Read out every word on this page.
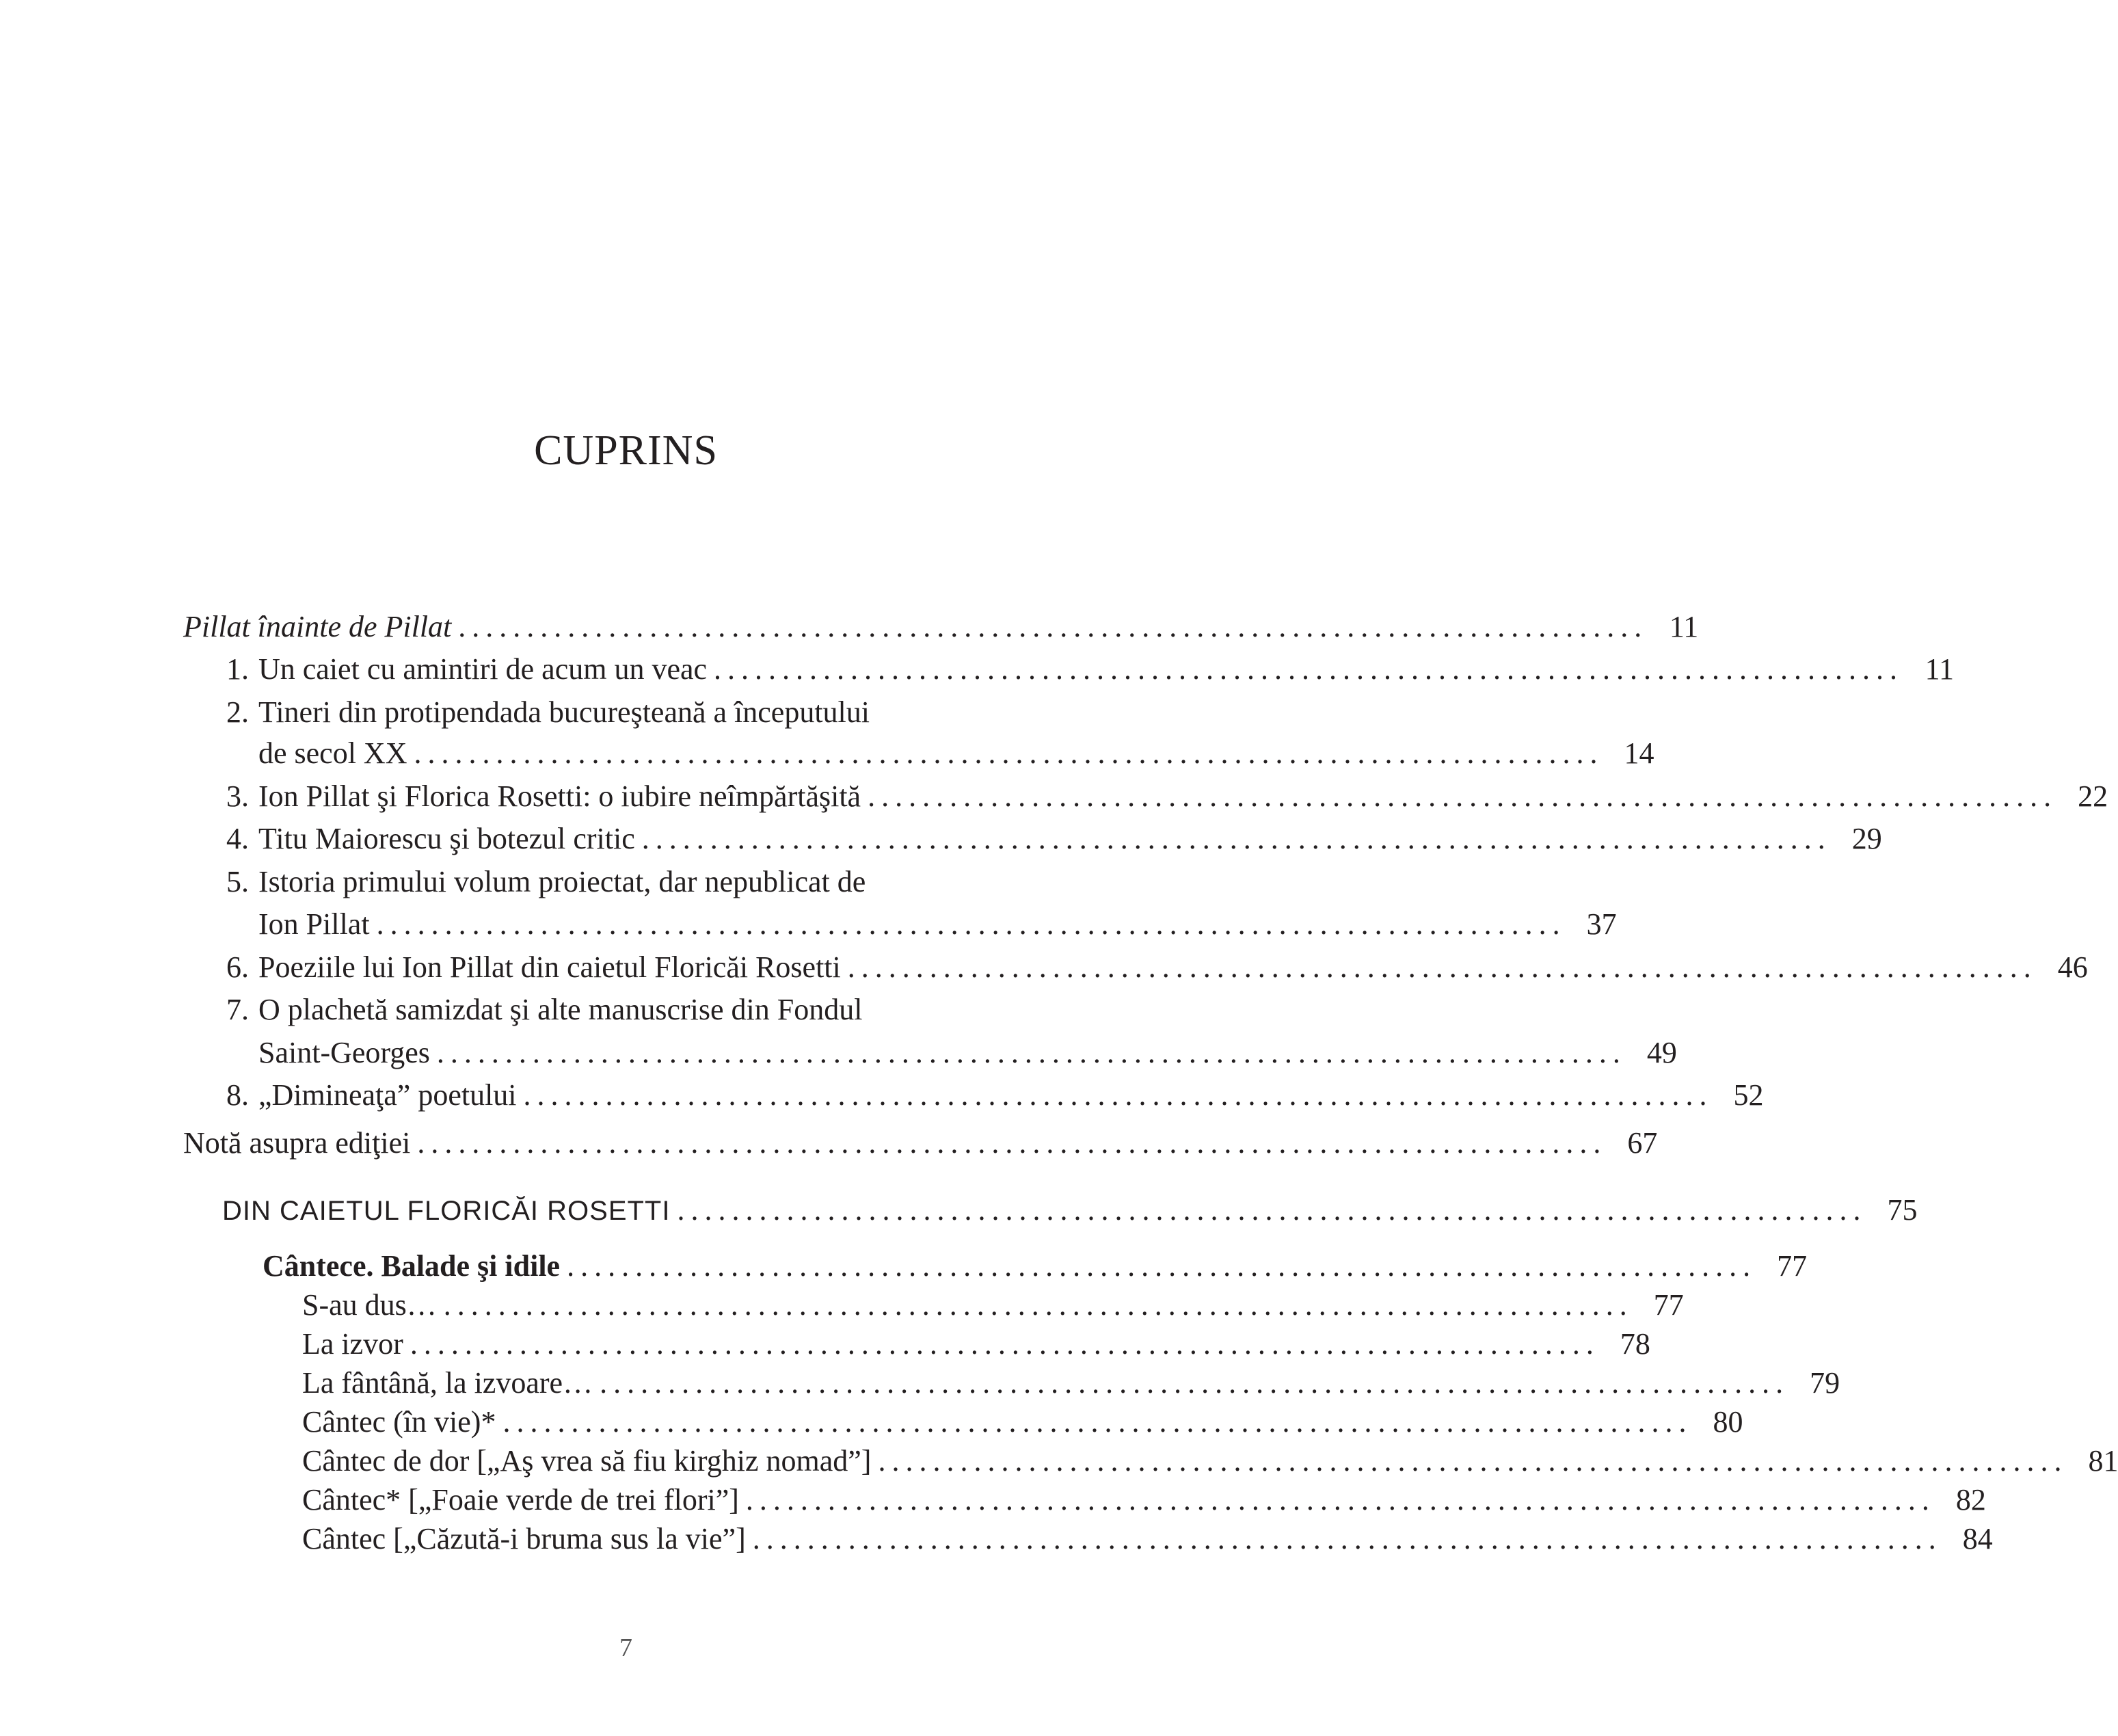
CUPRINS
Pillat înainte de Pillat ....................................................................................... 11
1. Un caiet cu amintiri de acum un veac ....................................................................................... 11
2. Tineri din protipendada bucureşteană a începutului
de secol XX ....................................................................................... 14
3. Ion Pillat şi Florica Rosetti: o iubire neîmpărtăşită ....................................................................................... 22
4. Titu Maiorescu şi botezul critic ....................................................................................... 29
5. Istoria primului volum proiectat, dar nepublicat de
Ion Pillat ....................................................................................... 37
6. Poeziile lui Ion Pillat din caietul Floricăi Rosetti ....................................................................................... 46
7. O plachetă samizdat şi alte manuscrise din Fondul
Saint-Georges ....................................................................................... 49
8. „Dimineaţa” poetului ....................................................................................... 52
Notă asupra ediţiei ....................................................................................... 67
DIN CAIETUL FLORICĂI ROSETTI ....................................................................................... 75
Cântece. Balade şi idile ....................................................................................... 77
S-au dus… ....................................................................................... 77
La izvor ....................................................................................... 78
La fântână, la izvoare… ....................................................................................... 79
Cântec (în vie)* ....................................................................................... 80
Cântec de dor [„Aş vrea să fiu kirghiz nomad”] ....................................................................................... 81
Cântec* [„Foaie verde de trei flori”] ....................................................................................... 82
Cântec [„Căzută-i bruma sus la vie”] ....................................................................................... 84
7
